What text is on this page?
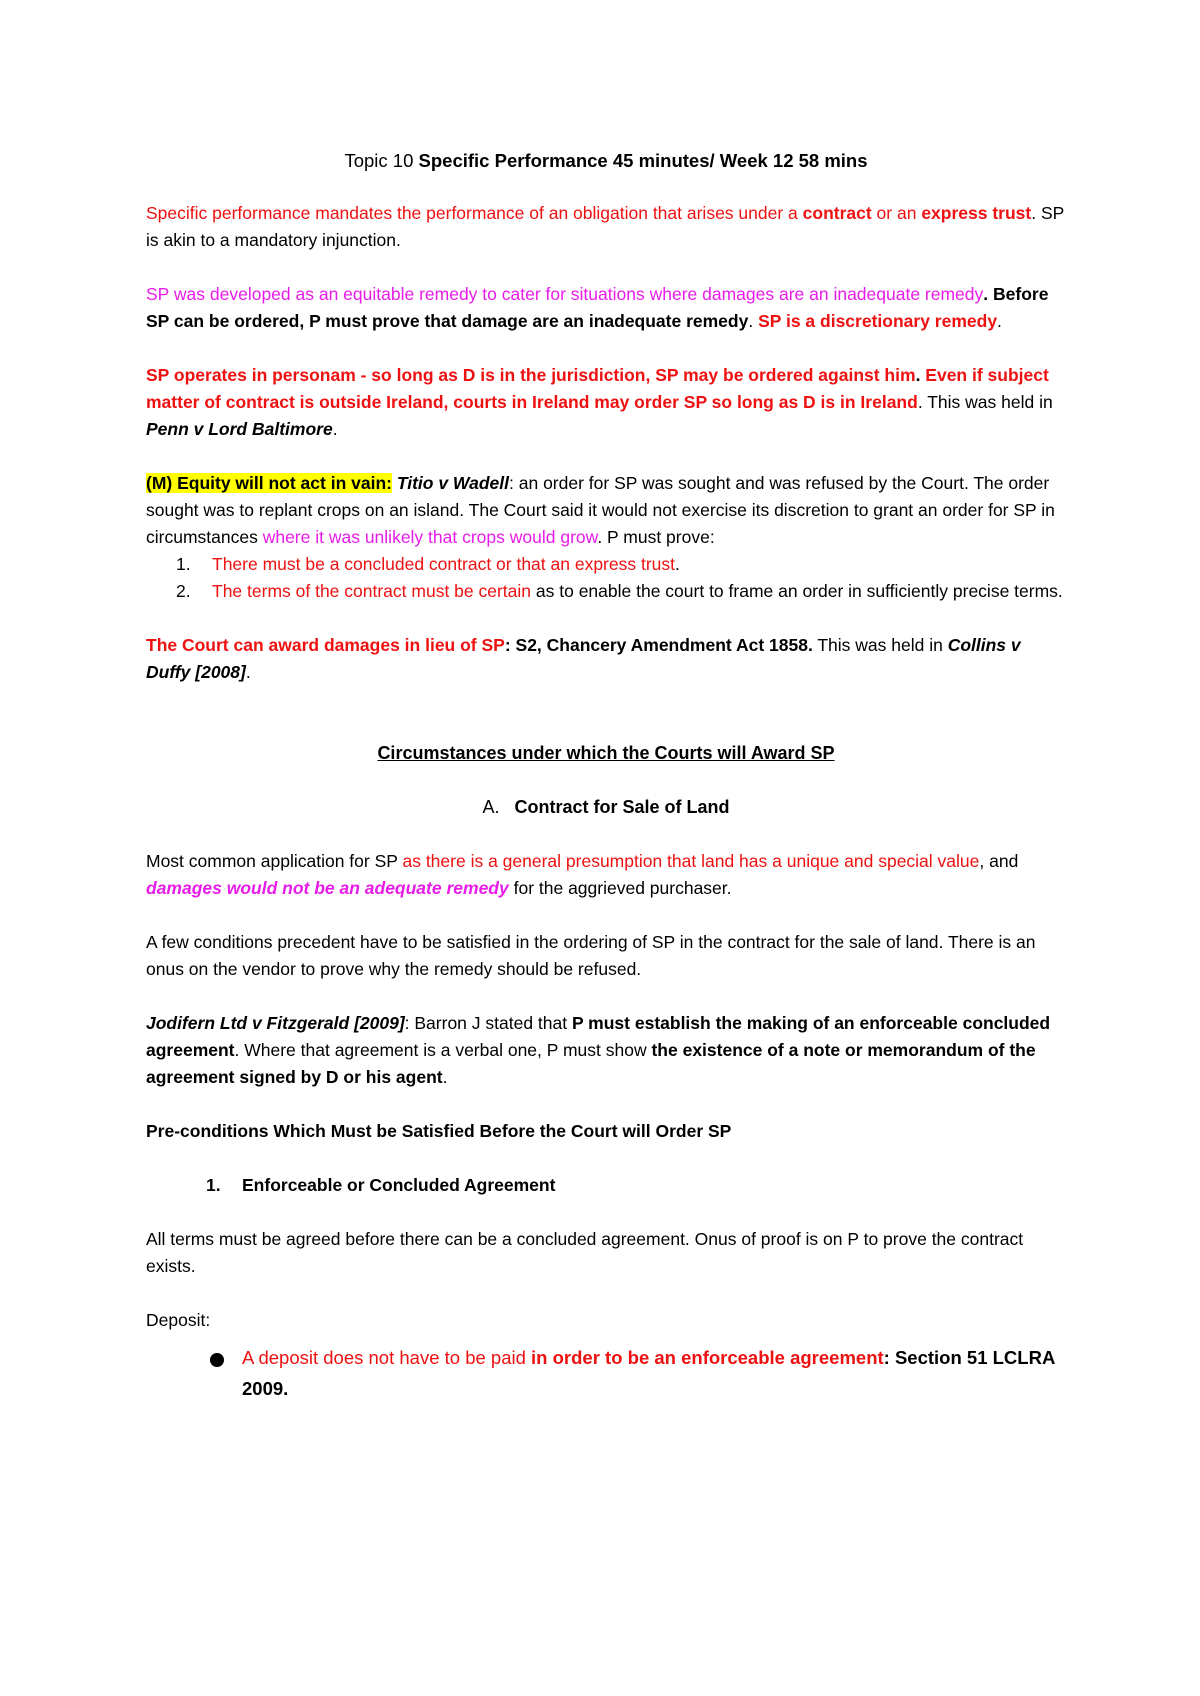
Topic 10 Specific Performance 45 minutes/ Week 12 58 mins

Specific performance mandates the performance of an obligation that arises under a contract or an express trust. SP is akin to a mandatory injunction.

SP was developed as an equitable remedy to cater for situations where damages are an inadequate remedy. Before SP can be ordered, P must prove that damage are an inadequate remedy. SP is a discretionary remedy.

SP operates in personam - so long as D is in the jurisdiction, SP may be ordered against him. Even if subject matter of contract is outside Ireland, courts in Ireland may order SP so long as D is in Ireland. This was held in Penn v Lord Baltimore.

(M) Equity will not act in vain: Titio v Wadell: an order for SP was sought and was refused by the Court. The order sought was to replant crops on an island. The Court said it would not exercise its discretion to grant an order for SP in circumstances where it was unlikely that crops would grow. P must prove:

1. There must be a concluded contract or that an express trust.
2. The terms of the contract must be certain as to enable the court to frame an order in sufficiently precise terms.

The Court can award damages in lieu of SP: S2, Chancery Amendment Act 1858. This was held in Collins v Duffy [2008].

Circumstances under which the Courts will Award SP

A. Contract for Sale of Land

Most common application for SP as there is a general presumption that land has a unique and special value, and damages would not be an adequate remedy for the aggrieved purchaser.

A few conditions precedent have to be satisfied in the ordering of SP in the contract for the sale of land. There is an onus on the vendor to prove why the remedy should be refused.

Jodifern Ltd v Fitzgerald [2009]: Barron J stated that P must establish the making of an enforceable concluded agreement. Where that agreement is a verbal one, P must show the existence of a note or memorandum of the agreement signed by D or his agent.

Pre-conditions Which Must be Satisfied Before the Court will Order SP

1. Enforceable or Concluded Agreement

All terms must be agreed before there can be a concluded agreement. Onus of proof is on P to prove the contract exists.

Deposit:

A deposit does not have to be paid in order to be an enforceable agreement: Section 51 LCLRA 2009.
